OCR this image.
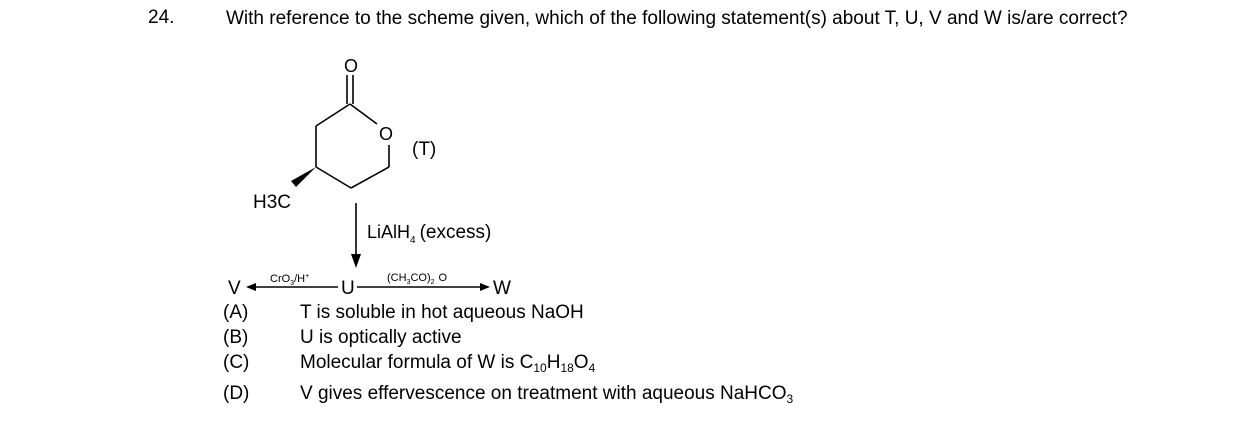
24.	With reference to the scheme given, which of the following statement(s) about T, U, V and W is/are correct?
O
O
H3C
(T)
LiAlH$_4$ (excess)
V	CrO$_3$/H+
U	$(CH_3CO)_2$ O W
(A)	T is soluble in hot aqueous NaOH
(B)	U is optically active
(C)	Molecular formula of W is $C_{10}H_{18}O_4$
(D)	V gives effervescence on treatment with aqueous NaHCO$_3$
